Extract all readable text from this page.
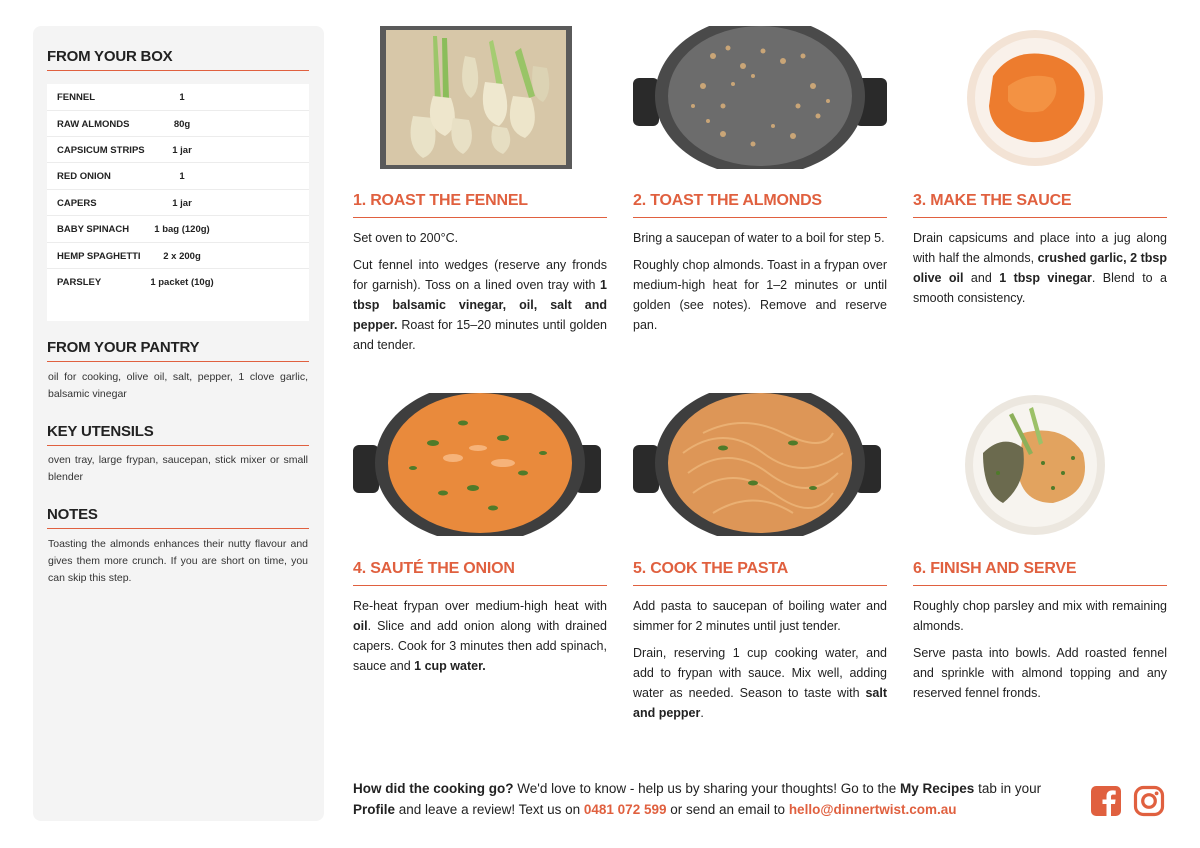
FROM YOUR BOX
FENNEL	1
RAW ALMONDS	80g
CAPSICUM STRIPS	1 jar
RED ONION	1
CAPERS	1 jar
BABY SPINACH	1 bag (120g)
HEMP SPAGHETTI	2 x 200g
PARSLEY	1 packet (10g)
FROM YOUR PANTRY
oil for cooking, olive oil, salt, pepper, 1 clove garlic, balsamic vinegar
KEY UTENSILS
oven tray, large frypan, saucepan, stick mixer or small blender
NOTES
Toasting the almonds enhances their nutty flavour and gives them more crunch. If you are short on time, you can skip this step.
1. ROAST THE FENNEL

Set oven to 200°C.

Cut fennel into wedges (reserve any fronds for garnish). Toss on a lined oven tray with 1 tbsp balsamic vinegar, oil, salt and pepper. Roast for 15–20 minutes until golden and tender.

2. TOAST THE ALMONDS

Bring a saucepan of water to a boil for step 5.

Roughly chop almonds. Toast in a frypan over medium-high heat for 1–2 minutes or until golden (see notes). Remove and reserve pan.

3. MAKE THE SAUCE

Drain capsicums and place into a jug along with half the almonds, crushed garlic, 2 tbsp olive oil and 1 tbsp vinegar. Blend to a smooth consistency.

4. SAUTÉ THE ONION

Re-heat frypan over medium-high heat with oil. Slice and add onion along with drained capers. Cook for 3 minutes then add spinach, sauce and 1 cup water.

5. COOK THE PASTA

Add pasta to saucepan of boiling water and simmer for 2 minutes until just tender.

Drain, reserving 1 cup cooking water, and add to frypan with sauce. Mix well, adding water as needed. Season to taste with salt and pepper.

6. FINISH AND SERVE

Roughly chop parsley and mix with remaining almonds.

Serve pasta into bowls. Add roasted fennel and sprinkle with almond topping and any reserved fennel fronds.

How did the cooking go? We'd love to know - help us by sharing your thoughts! Go to the My Recipes tab in your Profile and leave a review! Text us on 0481 072 599 or send an email to hello@dinnertwist.com.au
